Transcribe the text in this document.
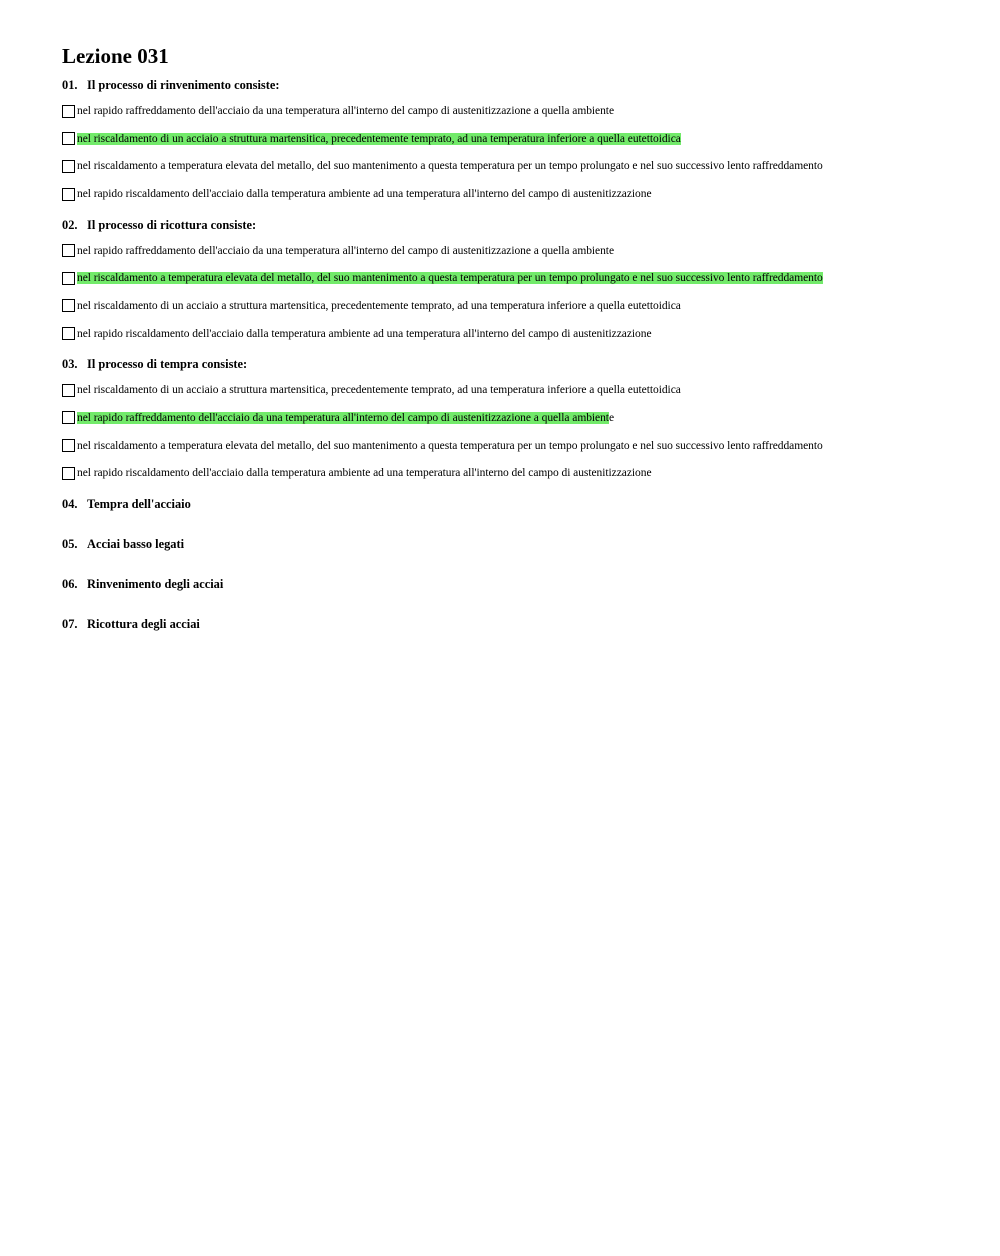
Lezione 031
01. Il processo di rinvenimento consiste:
nel rapido raffreddamento dell'acciaio da una temperatura all'interno del campo di austenitizzazione a quella ambiente
nel riscaldamento di un acciaio a struttura martensitica, precedentemente temprato, ad una temperatura inferiore a quella eutettoidica
nel riscaldamento a temperatura elevata del metallo, del suo mantenimento a questa temperatura per un tempo prolungato e nel suo successivo lento raffreddamento
nel rapido riscaldamento dell'acciaio dalla temperatura ambiente ad una temperatura all'interno del campo di austenitizzazione
02. Il processo di ricottura consiste:
nel rapido raffreddamento dell'acciaio da una temperatura all'interno del campo di austenitizzazione a quella ambiente
nel riscaldamento a temperatura elevata del metallo, del suo mantenimento a questa temperatura per un tempo prolungato e nel suo successivo lento raffreddamento
nel riscaldamento di un acciaio a struttura martensitica, precedentemente temprato, ad una temperatura inferiore a quella eutettoidica
nel rapido riscaldamento dell'acciaio dalla temperatura ambiente ad una temperatura all'interno del campo di austenitizzazione
03. Il processo di tempra consiste:
nel riscaldamento di un acciaio a struttura martensitica, precedentemente temprato, ad una temperatura inferiore a quella eutettoidica
nel rapido raffreddamento dell'acciaio da una temperatura all'interno del campo di austenitizzazione a quella ambiente
nel riscaldamento a temperatura elevata del metallo, del suo mantenimento a questa temperatura per un tempo prolungato e nel suo successivo lento raffreddamento
nel rapido riscaldamento dell'acciaio dalla temperatura ambiente ad una temperatura all'interno del campo di austenitizzazione
04. Tempra dell'acciaio
05. Acciai basso legati
06. Rinvenimento degli acciai
07. Ricottura degli acciai
